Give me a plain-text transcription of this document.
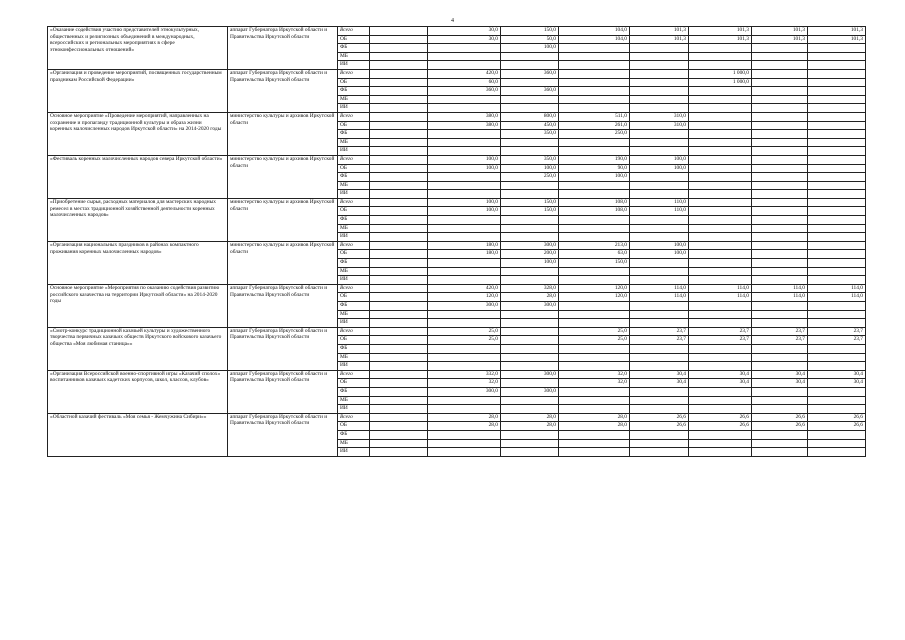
4
«Оказание содействия участию представителей этнокультурных, общественных и религиозных объединений в международных, всероссийских и региональных мероприятиях в сфере этноконфессиональных отношений»	аппарат Губернатора Иркутской области и Правительства Иркутской области	Всего		30,0	150,0	104,0	101,3	101,3	101,3	101,3
		ОБ		30,0	50,0	104,0	101,3	101,3	101,3	101,3
		ФБ			100,0					
		МБ								
		ИИ								
«Организация и проведение мероприятий, посвященных государственным праздникам Российской Федерации»	аппарат Губернатора Иркутской области и Правительства Иркутской области	Всего		420,0	360,0			1 000,0		
		ОБ		60,0				1 000,0		
		ФБ		360,0	360,0					
		МБ								
		ИИ								
Основное мероприятие «Проведение мероприятий, направленных на сохранение и пропаганду традиционной культуры и образа жизни коренных малочисленных народов Иркутской области» на 2014-2020 годы	министерство культуры и архивов Иркутской области	Всего		380,0	800,0	511,0	310,0			
		ОБ		380,0	450,0	261,0	310,0			
		ФБ			350,0	250,0				
		МБ								
		ИИ								
«Фестиваль коренных малочисленных народов севера Иркутской области»	министерство культуры и архивов Иркутской области	Всего		100,0	350,0	190,0	100,0			
		ОБ		100,0	100,0	90,0	100,0			
		ФБ			250,0	100,0				
		МБ								
		ИИ								
«Приобретение сырья, расходных материалов для мастерских народных ремесел в местах традиционной хозяйственной деятельности коренных малочисленных народов»	министерство культуры и архивов Иркутской области	Всего		100,0	150,0	108,0	110,0			
		ОБ		100,0	150,0	108,0	110,0			
		ФБ								
		МБ								
		ИИ								
«Организация национальных праздников в районах компактного проживания коренных малочисленных народов»	министерство культуры и архивов Иркутской области	Всего		180,0	300,0	213,0	100,0			
		ОБ		180,0	200,0	63,0	100,0			
		ФБ			100,0	150,0				
		МБ								
		ИИ								
Основное мероприятие «Мероприятия по оказанию содействия развитию российского казачества на территории Иркутской области» на 2014-2020 годы	аппарат Губернатора Иркутской области и Правительства Иркутской области	Всего		420,0	328,0	120,0	114,0	114,0	114,0	114,0
		ОБ		120,0	28,0	120,0	114,0	114,0	114,0	114,0
		ФБ		300,0	300,0					
		МБ								
		ИИ								
«Смотр-конкурс традиционной казачьей культуры и художественного творчества первичных казачьих обществ Иркутского войскового казачьего общества «Моя любимая станица»»	аппарат Губернатора Иркутской области и Правительства Иркутской области	Всего		25,0		25,0	23,7	23,7	23,7	23,7
		ОБ		25,0		25,0	23,7	23,7	23,7	23,7
		ФБ								
		МБ								
		ИИ								
«Организация Всероссийской военно-спортивной игры «Казачий сполох» воспитанников казачьих кадетских корпусов, школ, классов, клубов»	аппарат Губернатора Иркутской области и Правительства Иркутской области	Всего		332,0	300,0	32,0	30,4	30,4	30,4	30,4
		ОБ		32,0		32,0	30,4	30,4	30,4	30,4
		ФБ		300,0	300,0					
		МБ								
		ИИ								
«Областной казачий фестиваль «Моя семья - Жемчужина Сибири»»	аппарат Губернатора Иркутской области и Правительства Иркутской области	Всего		28,0	28,0	28,0	26,6	26,6	26,6	26,6
		ОБ		28,0	28,0	28,0	26,6	26,6	26,6	26,6
		ФБ								
		МБ								
		ИИ								
